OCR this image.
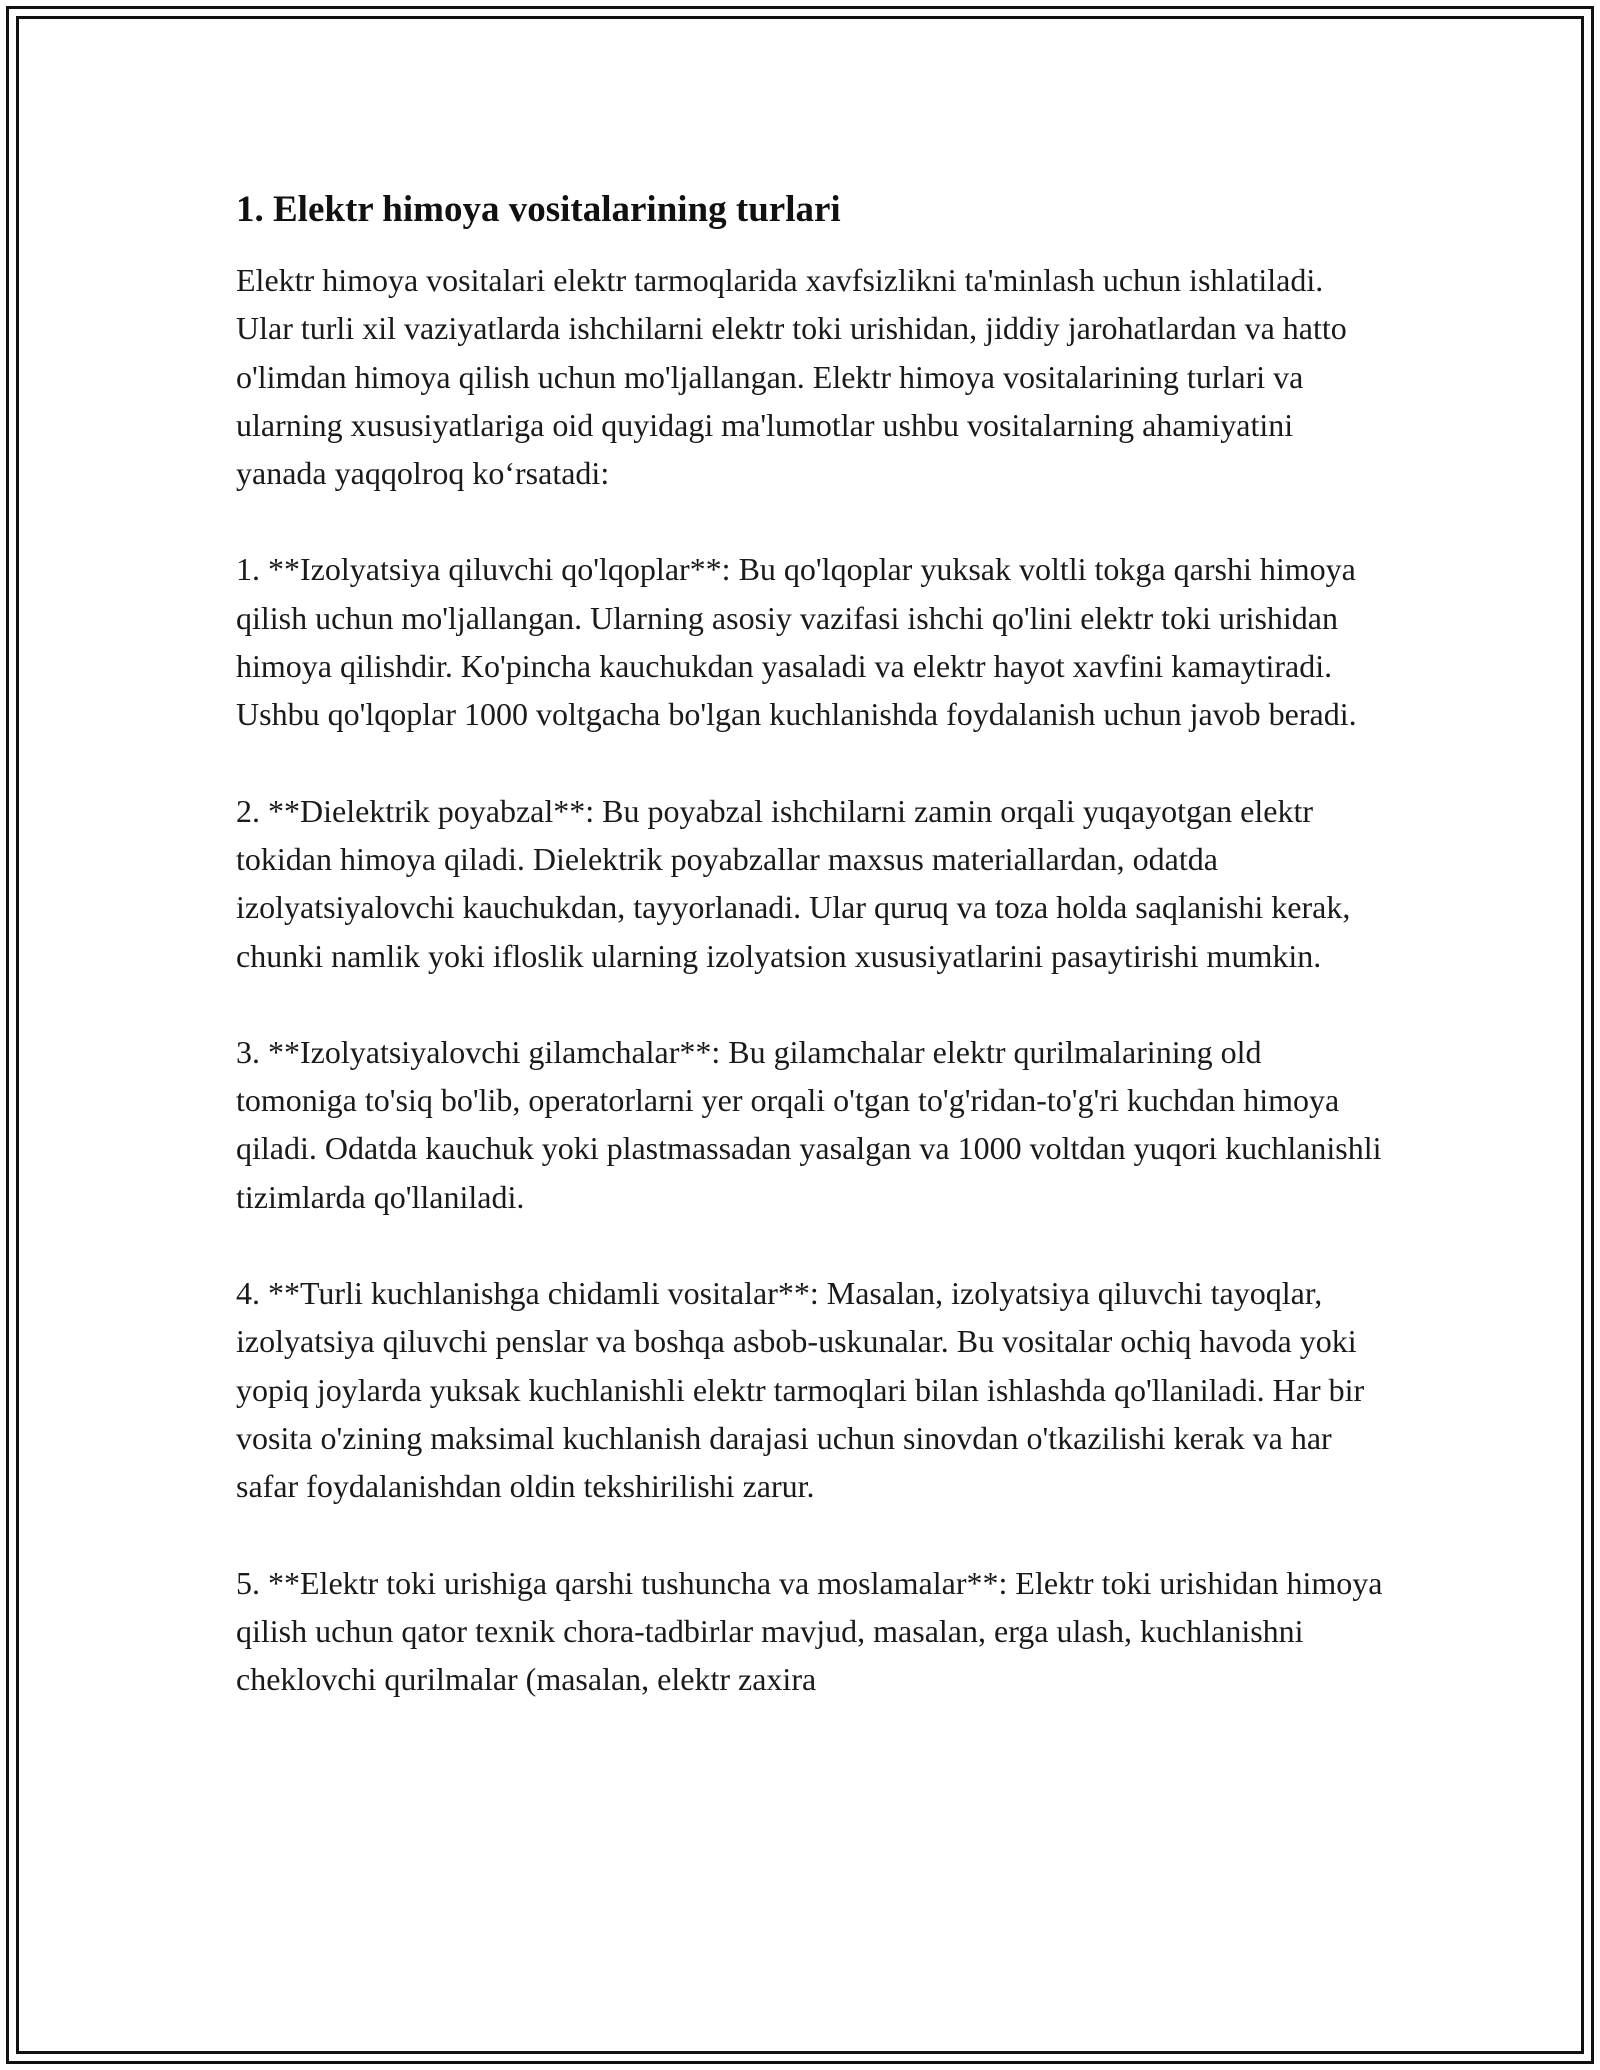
1. Elektr himoya vositalarining turlari

Elektr himoya vositalari elektr tarmoqlarida xavfsizlikni ta'minlash uchun ishlatiladi. Ular turli xil vaziyatlarda ishchilarni elektr toki urishidan, jiddiy jarohatlardan va hatto o'limdan himoya qilish uchun mo'ljallangan. Elektr himoya vositalarining turlari va ularning xususiyatlariga oid quyidagi ma'lumotlar ushbu vositalarning ahamiyatini yanada yaqqolroq ko‘rsatadi:

1. **Izolyatsiya qiluvchi qo'lqoplar**: Bu qo'lqoplar yuksak voltli tokga qarshi himoya qilish uchun mo'ljallangan. Ularning asosiy vazifasi ishchi qo'lini elektr toki urishidan himoya qilishdir. Ko'pincha kauchukdan yasaladi va elektr hayot xavfini kamaytiradi. Ushbu qo'lqoplar 1000 voltgacha bo'lgan kuchlanishda foydalanish uchun javob beradi.

2. **Dielektrik poyabzal**: Bu poyabzal ishchilarni zamin orqali yuqayotgan elektr tokidan himoya qiladi. Dielektrik poyabzallar maxsus materiallardan, odatda izolyatsiyalovchi kauchukdan, tayyorlanadi. Ular quruq va toza holda saqlanishi kerak, chunki namlik yoki ifloslik ularning izolyatsion xususiyatlarini pasaytirishi mumkin.

3. **Izolyatsiyalovchi gilamchalar**: Bu gilamchalar elektr qurilmalarining old tomoniga to'siq bo'lib, operatorlarni yer orqali o'tgan to'g'ridan-to'g'ri kuchdan himoya qiladi. Odatda kauchuk yoki plastmassadan yasalgan va 1000 voltdan yuqori kuchlanishli tizimlarda qo'llaniladi.

4. **Turli kuchlanishga chidamli vositalar**: Masalan, izolyatsiya qiluvchi tayoqlar, izolyatsiya qiluvchi penslar va boshqa asbob-uskunalar. Bu vositalar ochiq havoda yoki yopiq joylarda yuksak kuchlanishli elektr tarmoqlari bilan ishlashda qo'llaniladi. Har bir vosita o'zining maksimal kuchlanish darajasi uchun sinovdan o'tkazilishi kerak va har safar foydalanishdan oldin tekshirilishi zarur.

5. **Elektr toki urishiga qarshi tushuncha va moslamalar**: Elektr toki urishidan himoya qilish uchun qator texnik chora-tadbirlar mavjud, masalan, erga ulash, kuchlanishni cheklovchi qurilmalar (masalan, elektr zaxira
